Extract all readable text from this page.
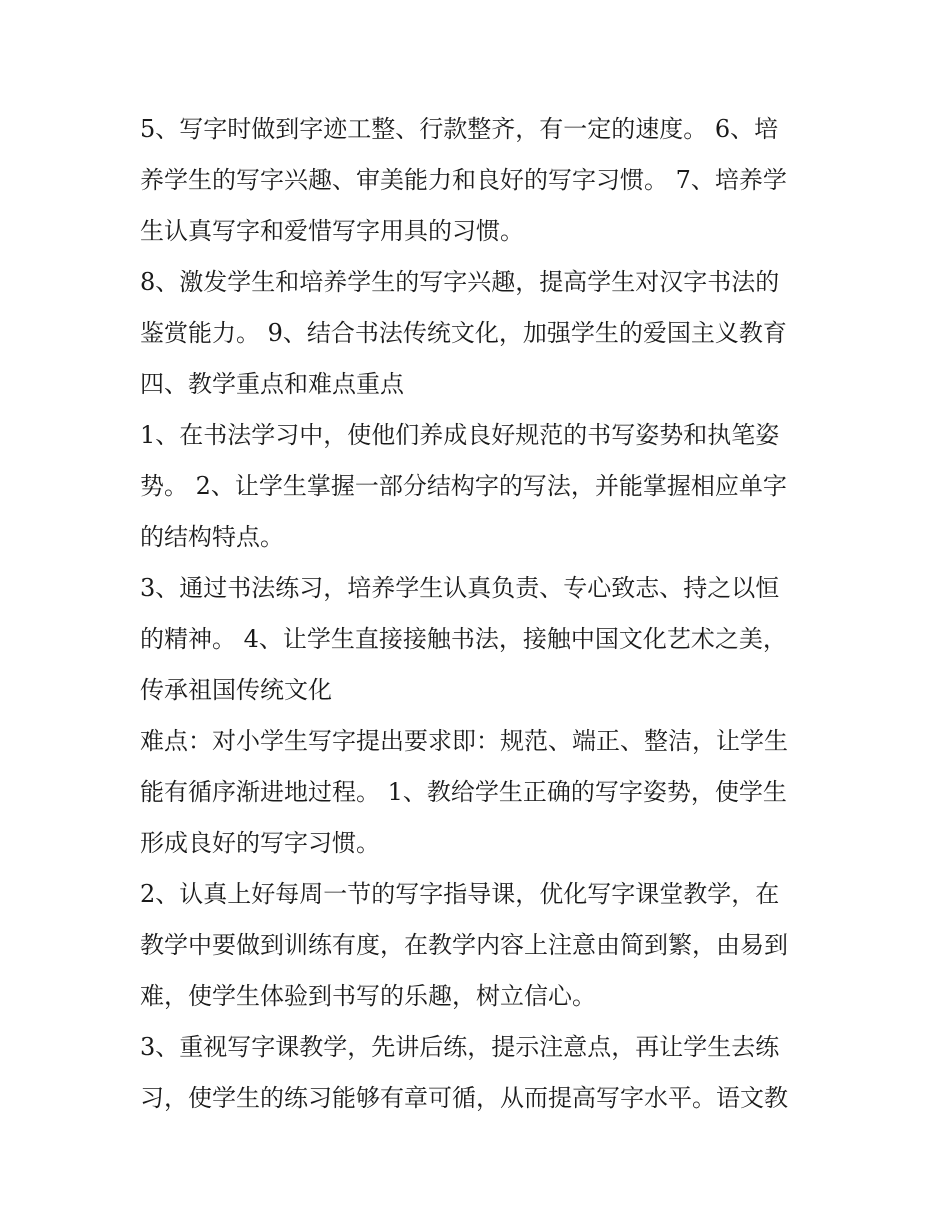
5、写字时做到字迹工整、行款整齐，有一定的速度。 6、培
养学生的写字兴趣、审美能力和良好的写字习惯。 7、培养学
生认真写字和爱惜写字用具的习惯。
8、激发学生和培养学生的写字兴趣，提高学生对汉字书法的
鉴赏能力。 9、结合书法传统文化，加强学生的爱国主义教育
四、教学重点和难点重点
1、在书法学习中，使他们养成良好规范的书写姿势和执笔姿
势。 2、让学生掌握一部分结构字的写法，并能掌握相应单字
的结构特点。
3、通过书法练习，培养学生认真负责、专心致志、持之以恒
的精神。 4、让学生直接接触书法，接触中国文化艺术之美，
传承祖国传统文化
难点：对小学生写字提出要求即：规范、端正、整洁，让学生
能有循序渐进地过程。 1、教给学生正确的写字姿势，使学生
形成良好的写字习惯。
2、认真上好每周一节的写字指导课，优化写字课堂教学，在
教学中要做到训练有度，在教学内容上注意由简到繁，由易到
难，使学生体验到书写的乐趣，树立信心。
3、重视写字课教学，先讲后练，提示注意点，再让学生去练
习，使学生的练习能够有章可循，从而提高写字水平。语文教
